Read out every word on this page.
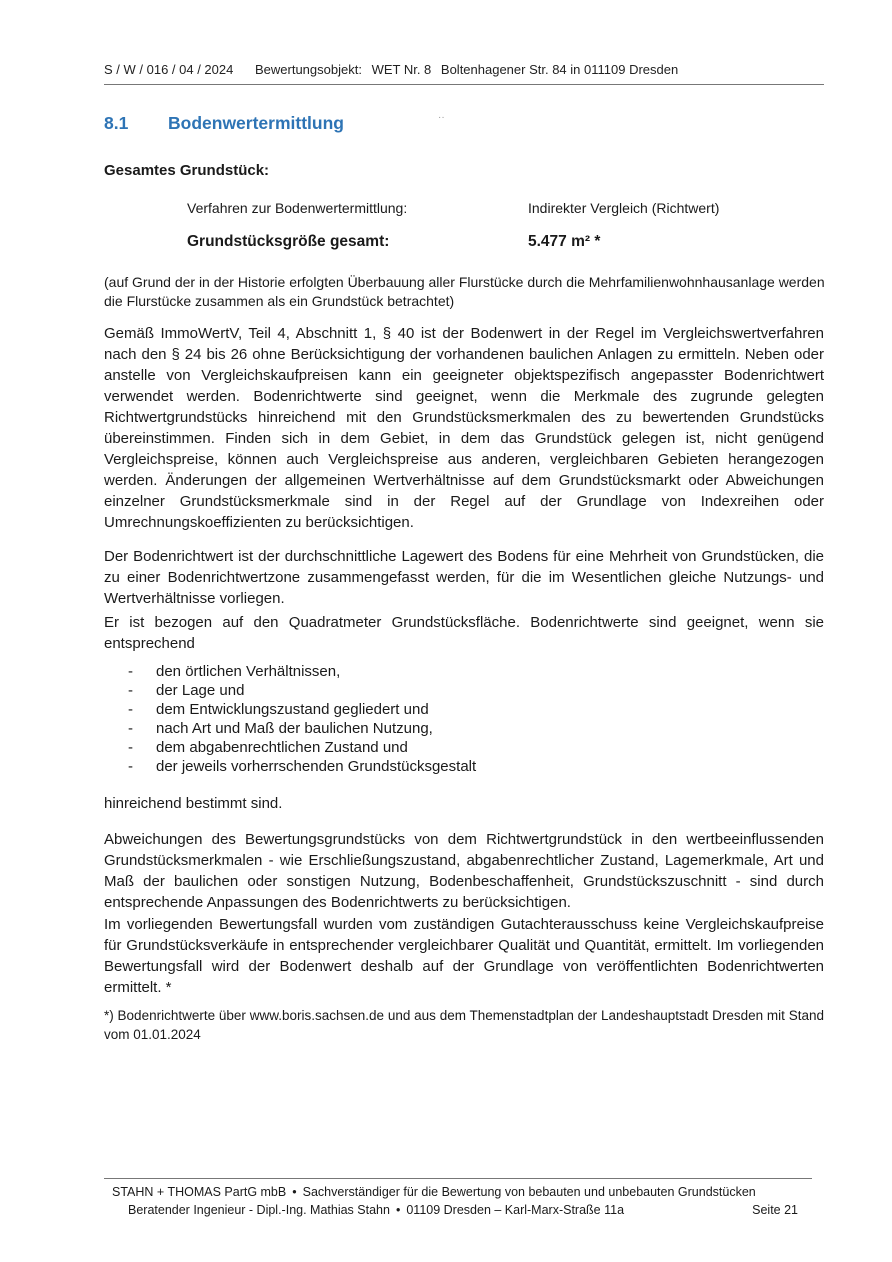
S / W / 016 / 04 / 2024 Bewertungsobjekt: WET Nr. 8 Boltenhagener Str. 84 in 011109 Dresden
8.1 Bodenwertermittlung	··
Gesamtes Grundstück:
Verfahren zur Bodenwertermittlung:	Indirekter Vergleich (Richtwert)
Grundstücksgröße gesamt:	5.477 m² *
(auf Grund der in der Historie erfolgten Überbauung aller Flurstücke durch die Mehrfamilienwohnhausanlage werden die Flurstücke zusammen als ein Grundstück betrachtet)
Gemäß ImmoWertV, Teil 4, Abschnitt 1, § 40 ist der Bodenwert in der Regel im Vergleichswertverfahren nach den § 24 bis 26 ohne Berücksichtigung der vorhandenen baulichen Anlagen zu ermitteln. Neben oder anstelle von Vergleichskaufpreisen kann ein geeigneter objektspezifisch angepasster Bodenrichtwert verwendet werden. Bodenrichtwerte sind geeignet, wenn die Merkmale des zugrunde gelegten Richtwertgrundstücks hinreichend mit den Grundstücksmerkmalen des zu bewertenden Grundstücks übereinstimmen. Finden sich in dem Gebiet, in dem das Grundstück gelegen ist, nicht genügend Vergleichspreise, können auch Vergleichspreise aus anderen, vergleichbaren Gebieten herangezogen werden. Änderungen der allgemeinen Wertverhältnisse auf dem Grundstücksmarkt oder Abweichungen einzelner Grundstücksmerkmale sind in der Regel auf der Grundlage von Indexreihen oder Umrechnungskoeffizienten zu berücksichtigen.
Der Bodenrichtwert ist der durchschnittliche Lagewert des Bodens für eine Mehrheit von Grundstücken, die zu einer Bodenrichtwertzone zusammengefasst werden, für die im Wesentlichen gleiche Nutzungs- und Wertverhältnisse vorliegen.
Er ist bezogen auf den Quadratmeter Grundstücksfläche. Bodenrichtwerte sind geeignet, wenn sie entsprechend
- den örtlichen Verhältnissen,
- der Lage und
- dem Entwicklungszustand gegliedert und
- nach Art und Maß der baulichen Nutzung,
- dem abgabenrechtlichen Zustand und
- der jeweils vorherrschenden Grundstücksgestalt
hinreichend bestimmt sind.
Abweichungen des Bewertungsgrundstücks von dem Richtwertgrundstück in den wertbeeinflussenden Grundstücksmerkmalen - wie Erschließungszustand, abgabenrechtlicher Zustand, Lagemerkmale, Art und Maß der baulichen oder sonstigen Nutzung, Bodenbeschaffenheit, Grundstückszuschnitt - sind durch entsprechende Anpassungen des Bodenrichtwerts zu berücksichtigen.
Im vorliegenden Bewertungsfall wurden vom zuständigen Gutachterausschuss keine Vergleichskaufpreise für Grundstücksverkäufe in entsprechender vergleichbarer Qualität und Quantität, ermittelt. Im vorliegenden Bewertungsfall wird der Bodenwert deshalb auf der Grundlage von veröffentlichten Bodenrichtwerten ermittelt. *
*) Bodenrichtwerte über www.boris.sachsen.de und aus dem Themenstadtplan der Landeshauptstadt Dresden mit Stand vom 01.01.2024
STAHN + THOMAS PartG mbB • Sachverständiger für die Bewertung von bebauten und unbebauten Grundstücken
Beratender Ingenieur - Dipl.-Ing. Mathias Stahn • 01109 Dresden – Karl-Marx-Straße 11a	Seite 21
